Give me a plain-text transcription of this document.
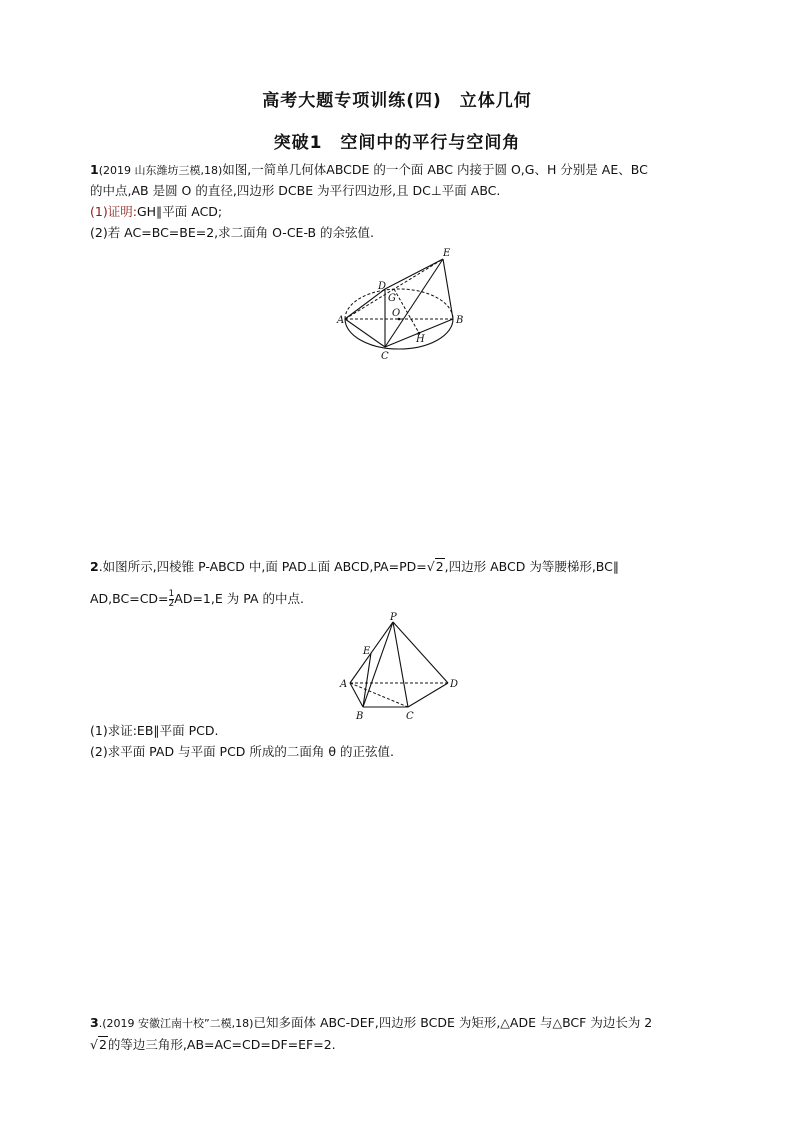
高考大题专项训练(四)　立体几何
突破1　空间中的平行与空间角
1(2019 山东潍坊三模,18)如图,一简单几何体ABCDE 的一个面 ABC 内接于圆 O,G、H 分别是 AE、BC
的中点,AB 是圆 O 的直径,四边形 DCBE 为平行四边形,且 DC⊥平面 ABC.
(1)证明:GH∥平面 ACD;
(2)若 AC=BC=BE=2,求二面角 O-CE-B 的余弦值.
E
D
G
O
A	B
H
C
2.如图所示,四棱锥 P-ABCD 中,面 PAD⊥面 ABCD,PA=PD=√2,四边形 ABCD 为等腰梯形,BC∥
$AD,BC=CD= \frac{1}{2} AD=1,E$ 为 PA 的中点.
P
E
A	D
B	C
(1)求证:EB∥平面 PCD.
(2)求平面 PAD 与平面 PCD 所成的二面角 θ 的正弦值.
3.(2019 安徽江南十校”二模,18)已知多面体 ABC-DEF,四边形 BCDE 为矩形,△ADE 与△BCF 为边长为 2
√2的等边三角形,AB=AC=CD=DF=EF=2.
